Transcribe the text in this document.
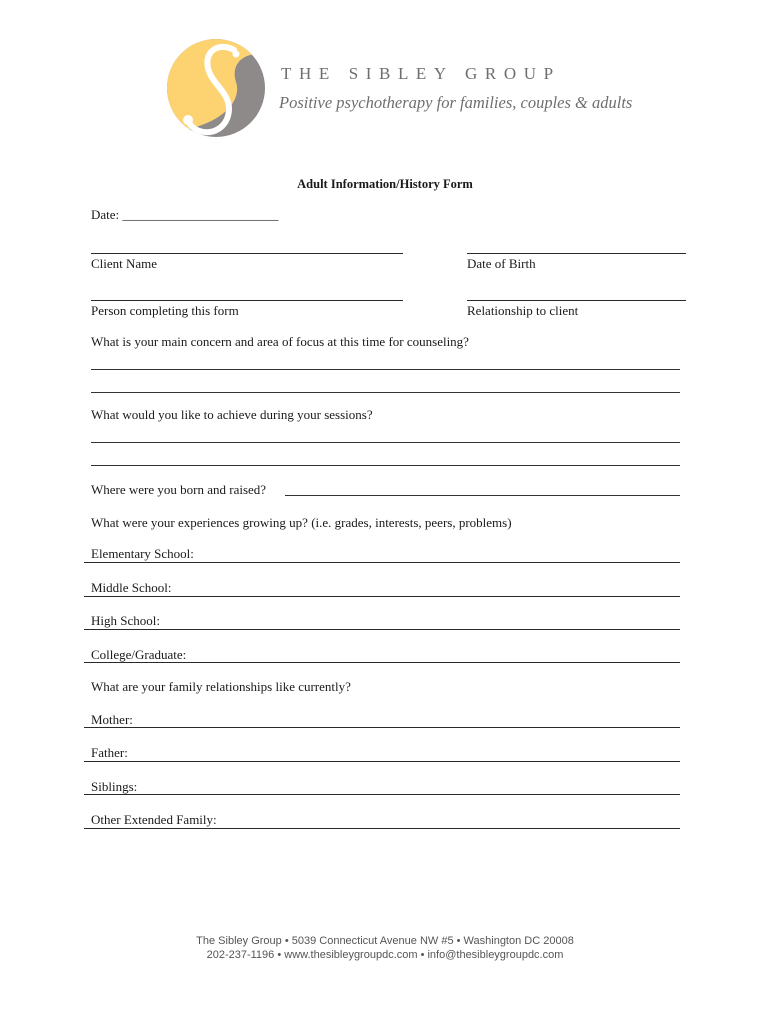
THE SIBLEY GROUP
Positive psychotherapy for families, couples & adults
Adult Information/History Form
Date: ________________________
Client Name	Date of Birth
Person completing this form	Relationship to client
What is your main concern and area of focus at this time for counseling?
What would you like to achieve during your sessions?
Where were you born and raised?
What were your experiences growing up? (i.e. grades, interests, peers, problems)
Elementary School:
Middle School:
High School:
College/Graduate:
What are your family relationships like currently?
Mother:
Father:
Siblings:
Other Extended Family:
The Sibley Group • 5039 Connecticut Avenue NW #5 • Washington DC 20008
202-237-1196 • www.thesibleygroupdc.com • info@thesibleygroupdc.com
